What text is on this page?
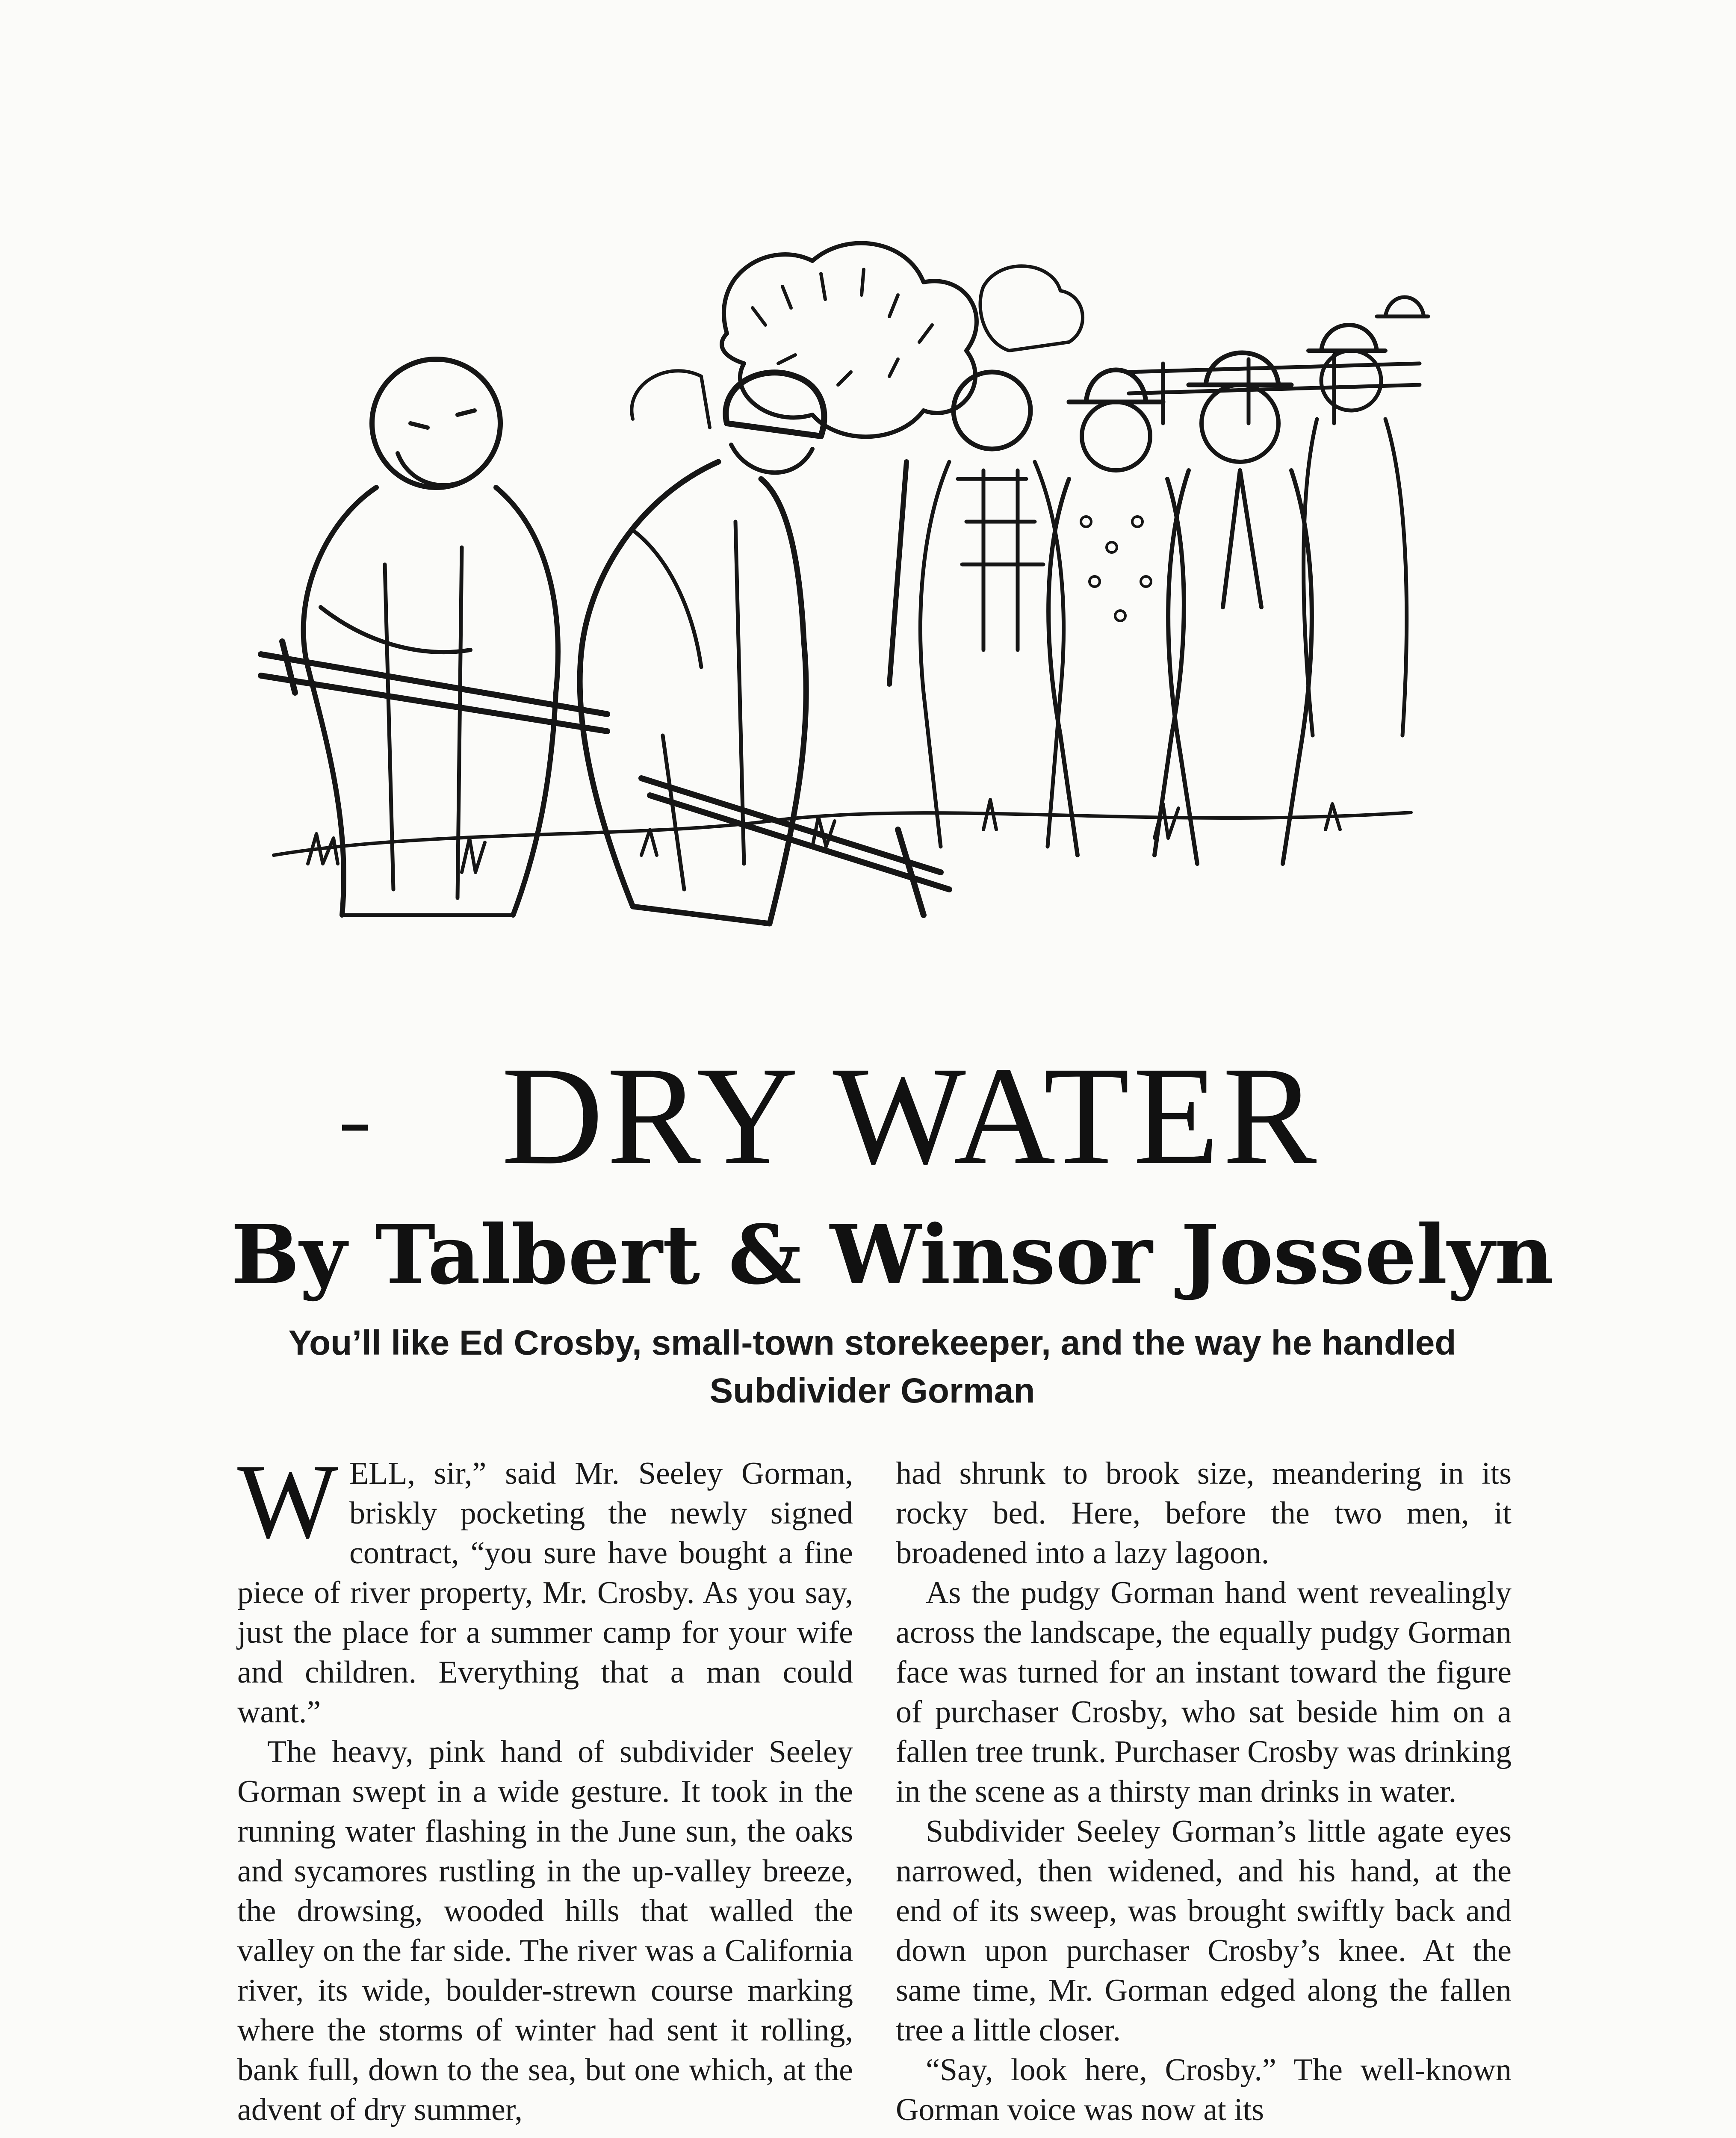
DRY WATER
By Talbert & Winsor Josselyn

You’ll like Ed Crosby, small-town storekeeper, and the way he handled Subdivider Gorman

WELL, sir,” said Mr. Seeley Gorman, briskly pocketing the newly signed contract, “you sure have bought a fine piece of river property, Mr. Crosby. As you say, just the place for a summer camp for your wife and children. Everything that a man could want.”

The heavy, pink hand of subdivider Seeley Gorman swept in a wide gesture. It took in the running water flashing in the June sun, the oaks and sycamores rustling in the up-valley breeze, the drowsing, wooded hills that walled the valley on the far side. The river was a California river, its wide, boulder-strewn course marking where the storms of winter had sent it rolling, bank full, down to the sea, but one which, at the advent of dry summer,

had shrunk to brook size, meandering in its rocky bed. Here, before the two men, it broadened into a lazy lagoon.

As the pudgy Gorman hand went revealingly across the landscape, the equally pudgy Gorman face was turned for an instant toward the figure of purchaser Crosby, who sat beside him on a fallen tree trunk. Purchaser Crosby was drinking in the scene as a thirsty man drinks in water.

Subdivider Seeley Gorman’s little agate eyes narrowed, then widened, and his hand, at the end of its sweep, was brought swiftly back and down upon purchaser Crosby’s knee. At the same time, Mr. Gorman edged along the fallen tree a little closer.

“Say, look here, Crosby.” The well-known Gorman voice was now at its
